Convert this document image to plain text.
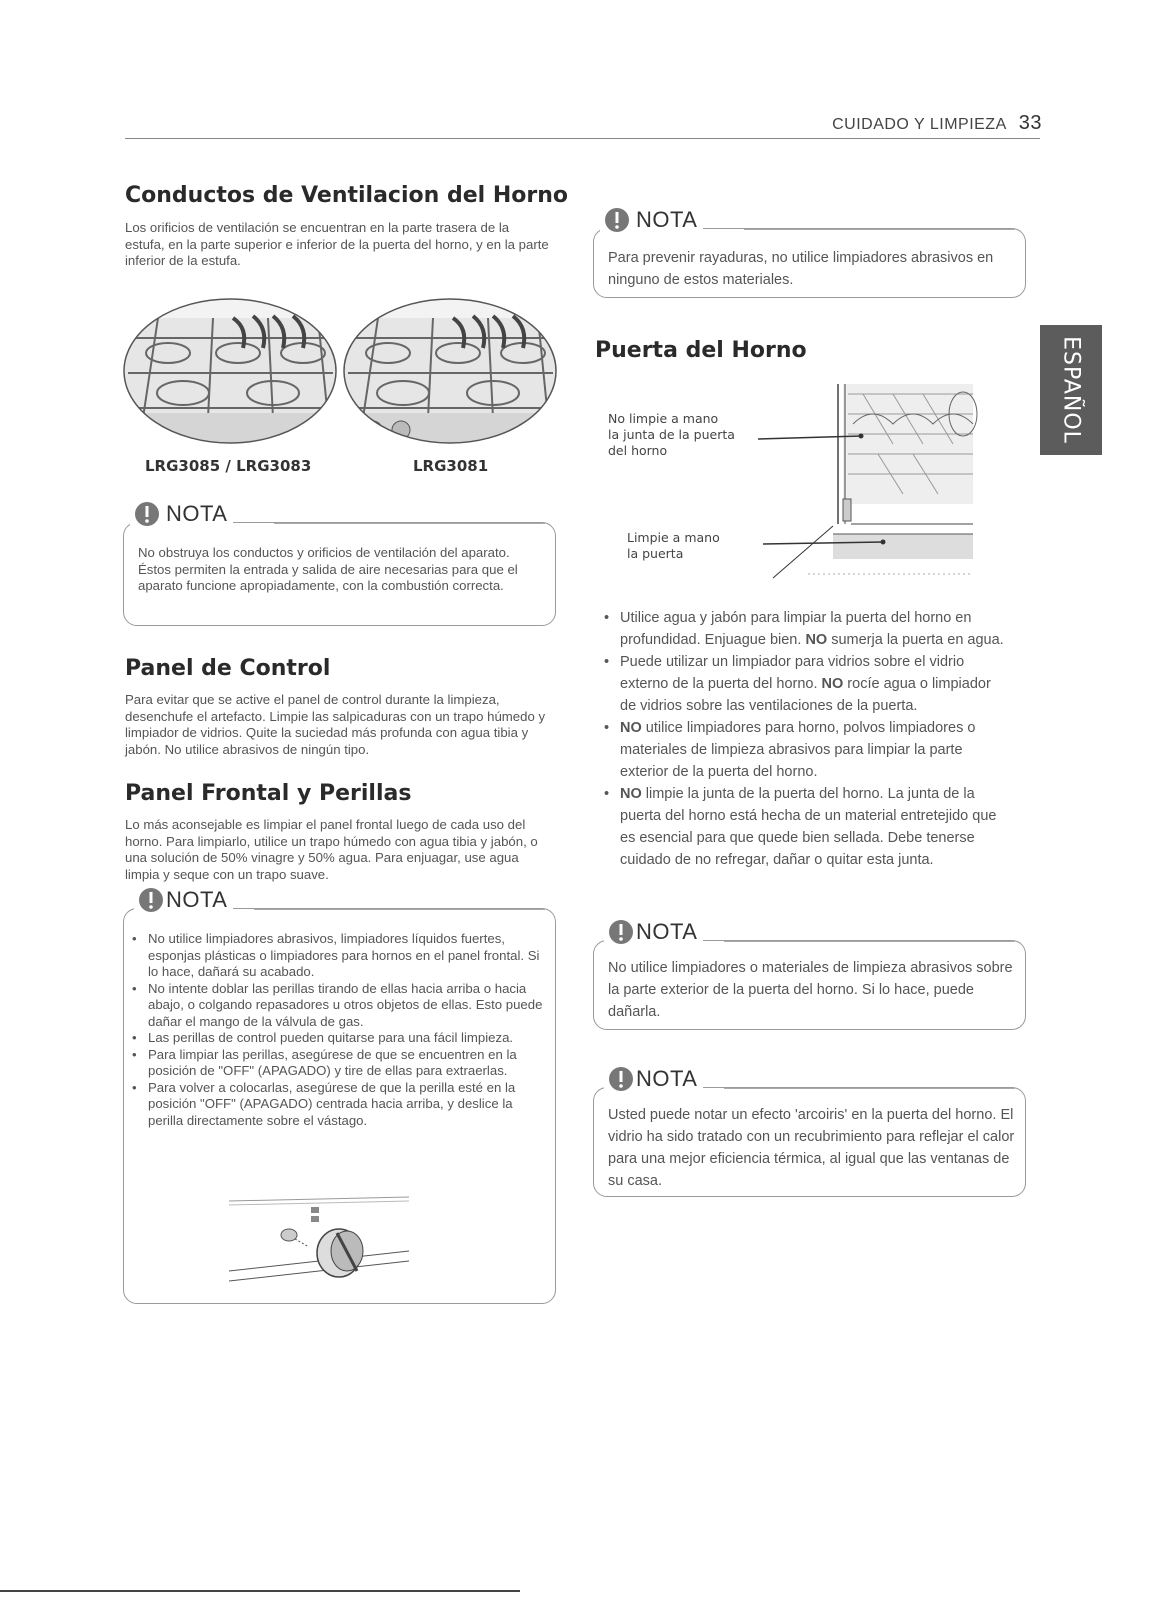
CUIDADO Y LIMPIEZA 33
ESPAÑOL
Conductos de Ventilacion del Horno

Los orificios de ventilación se encuentran en la parte trasera de la estufa, en la parte superior e inferior de la puerta del horno, y en la parte inferior de la estufa.

LRG3085 / LRG3083	LRG3081
NOTA

No obstruya los conductos y orificios de ventilación del aparato. Éstos permiten la entrada y salida de aire necesarias para que el aparato funcione apropiadamente, con la combustión correcta.

Panel de Control

Para evitar que se active el panel de control durante la limpieza, desenchufe el artefacto. Limpie las salpicaduras con un trapo húmedo y limpiador de vidrios. Quite la suciedad más profunda con agua tibia y jabón. No utilice abrasivos de ningún tipo.

Panel Frontal y Perillas

Lo más aconsejable es limpiar el panel frontal luego de cada uso del horno. Para limpiarlo, utilice un trapo húmedo con agua tibia y jabón, o una solución de 50% vinagre y 50% agua. Para enjuagar, use agua limpia y seque con un trapo suave.

NOTA
• No utilice limpiadores abrasivos, limpiadores líquidos fuertes, esponjas plásticas o limpiadores para hornos en el panel frontal. Si lo hace, dañará su acabado.
• No intente doblar las perillas tirando de ellas hacia arriba o hacia abajo, o colgando repasadores u otros objetos de ellas. Esto puede dañar el mango de la válvula de gas.
• Las perillas de control pueden quitarse para una fácil limpieza.
• Para limpiar las perillas, asegúrese de que se encuentren en la posición de "OFF" (APAGADO) y tire de ellas para extraerlas.
• Para volver a colocarlas, asegúrese de que la perilla esté en la posición "OFF" (APAGADO) centrada hacia arriba, y deslice la perilla directamente sobre el vástago.
NOTA

Para prevenir rayaduras, no utilice limpiadores abrasivos en ninguno de estos materiales.

Puerta del Horno
No limpie a mano
la junta de la puerta
del horno
Limpie a mano
la puerta
• Utilice agua y jabón para limpiar la puerta del horno en profundidad. Enjuague bien. NO sumerja la puerta en agua.
• Puede utilizar un limpiador para vidrios sobre el vidrio externo de la puerta del horno. NO rocíe agua o limpiador de vidrios sobre las ventilaciones de la puerta.
• NO utilice limpiadores para horno, polvos limpiadores o materiales de limpieza abrasivos para limpiar la parte exterior de la puerta del horno.
• NO limpie la junta de la puerta del horno. La junta de la puerta del horno está hecha de un material entretejido que es esencial para que quede bien sellada. Debe tenerse cuidado de no refregar, dañar o quitar esta junta.
NOTA

No utilice limpiadores o materiales de limpieza abrasivos sobre la parte exterior de la puerta del horno. Si lo hace, puede dañarla.

NOTA

Usted puede notar un efecto 'arcoiris' en la puerta del horno. El vidrio ha sido tratado con un recubrimiento para reflejar el calor para una mejor eficiencia térmica, al igual que las ventanas de su casa.
